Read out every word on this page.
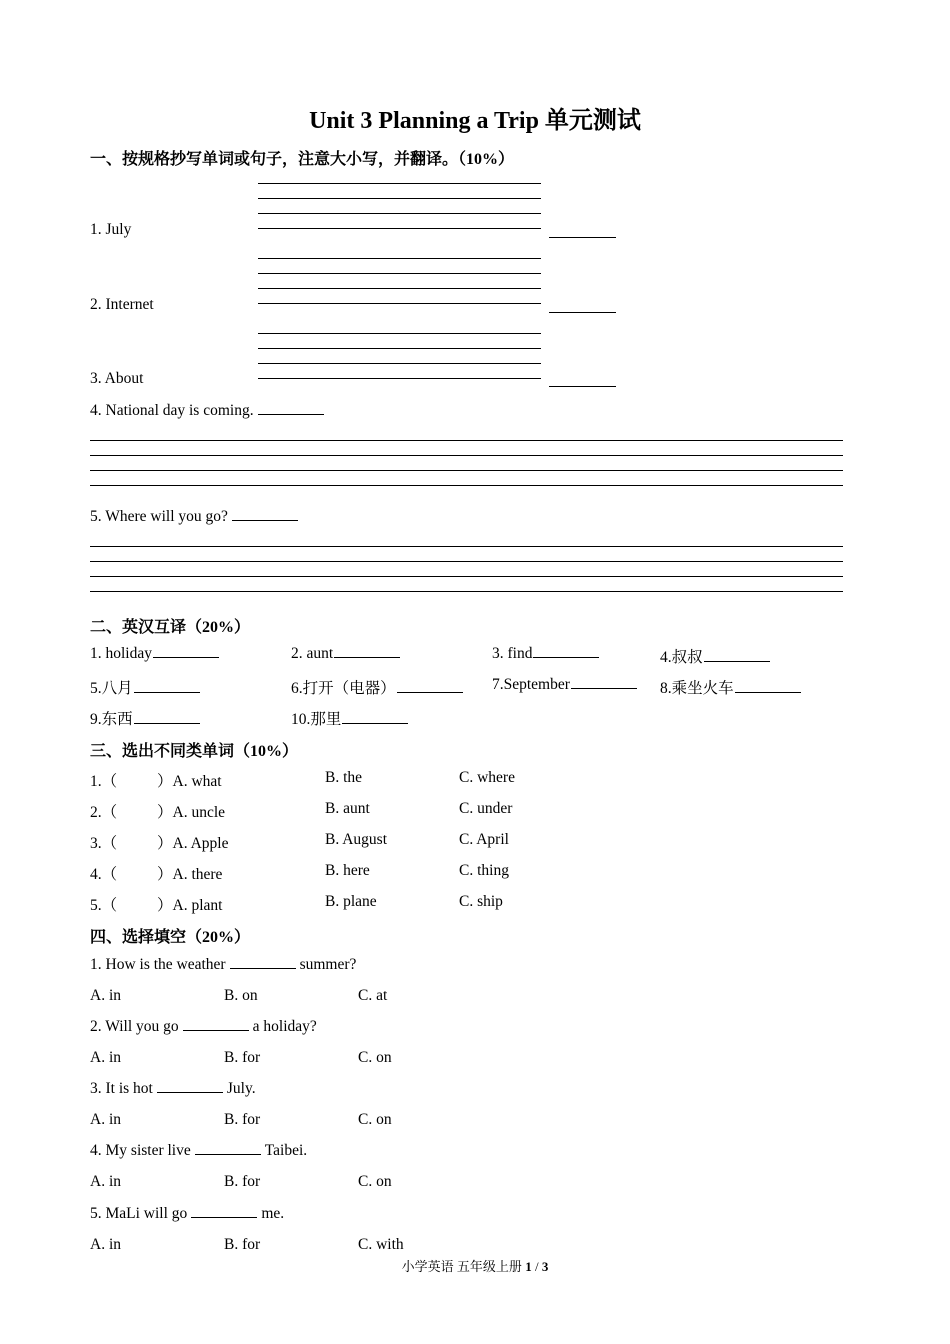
Unit 3 Planning a Trip 单元测试
一、按规格抄写单词或句子，注意大小写，并翻译。（10%）
1. July
2. Internet
3. About
4. National day is coming.
5. Where will you go?
二、英汉互译（20%）
1. holiday	2. aunt	3. find	4.叔叔
5.八月	6.打开（电器）	7.September	8.乘坐火车
9.东西	10.那里
三、选出不同类单词（10%）
1.（	）A. what	B. the	C. where
2.（	）A. uncle	B. aunt	C. under
3.（	）A. Apple	B. August	C. April
4.（	）A. there	B. here	C. thing
5.（	）A. plant	B. plane	C. ship
四、选择填空（20%）
1. How is the weather	summer?
A. in	B. on	C. at
2. Will you go	a holiday?
A. in	B. for	C. on
3. It is hot	July.
A. in	B. for	C. on
4. My sister live	Taibei.
A. in	B. for	C. on
5. MaLi will go	me.
A. in	B. for	C. with
小学英语 五年级上册 1 / 3
